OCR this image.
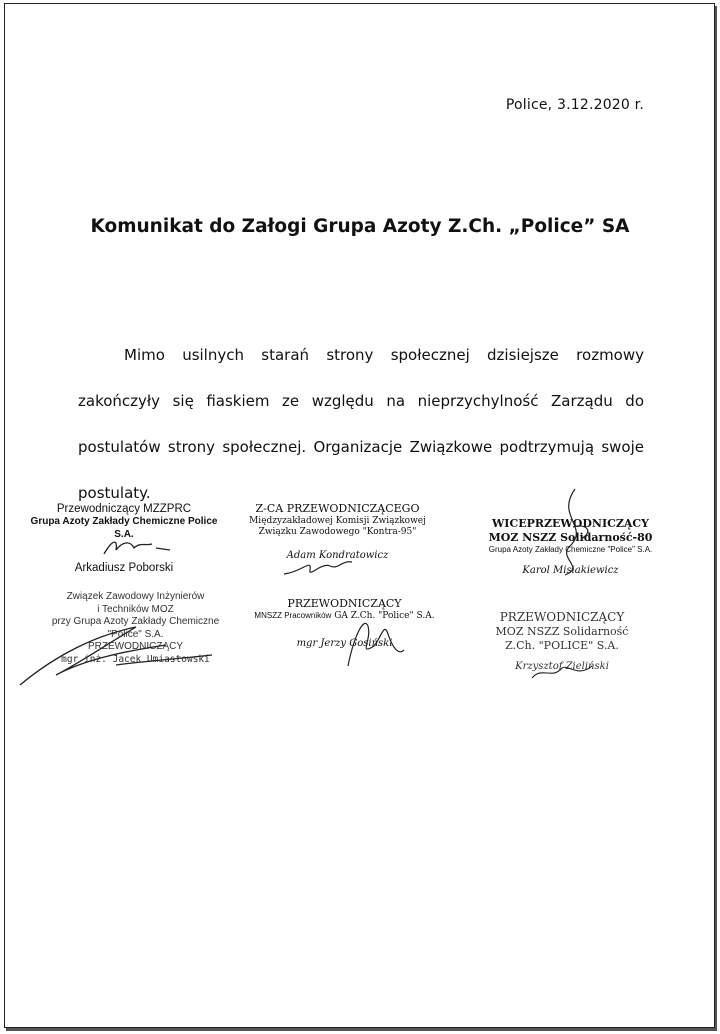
Police, 3.12.2020 r.
Komunikat do Załogi Grupa Azoty Z.Ch. „Police” SA

Mimo usilnych starań strony społecznej dzisiejsze rozmowy zakończyły się fiaskiem ze względu na nieprzychylność Zarządu do postulatów strony społecznej. Organizacje Związkowe podtrzymują swoje postulaty.

Przewodniczący MZZPRC
Grupa Azoty Zakłady Chemiczne Police S.A.
Arkadiusz Poborski
Z-CA PRZEWODNICZĄCEGO
Międzyzakładowej Komisji Związkowej
Związku Zawodowego "Kontra-95"
Adam Kondratowicz
WICEPRZEWODNICZĄCY
MOZ NSZZ Solidarność-80
Grupa Azoty Zakłady Chemiczne "Police" S.A.
Karol Misiakiewicz
Związek Zawodowy Inżynierów
i Techników MOZ
przy Grupa Azoty Zakłady Chemiczne
"Police" S.A.
PRZEWODNICZĄCY
mgr inż. Jacek Umiastowski
PRZEWODNICZĄCY
MNSZZ Pracowników GA Z.Ch. "Police" S.A.
mgr Jerzy Gosiński
PRZEWODNICZĄCY
MOZ NSZZ Solidarność
Z.Ch. "POLICE" S.A.
Krzysztof Zieliński
